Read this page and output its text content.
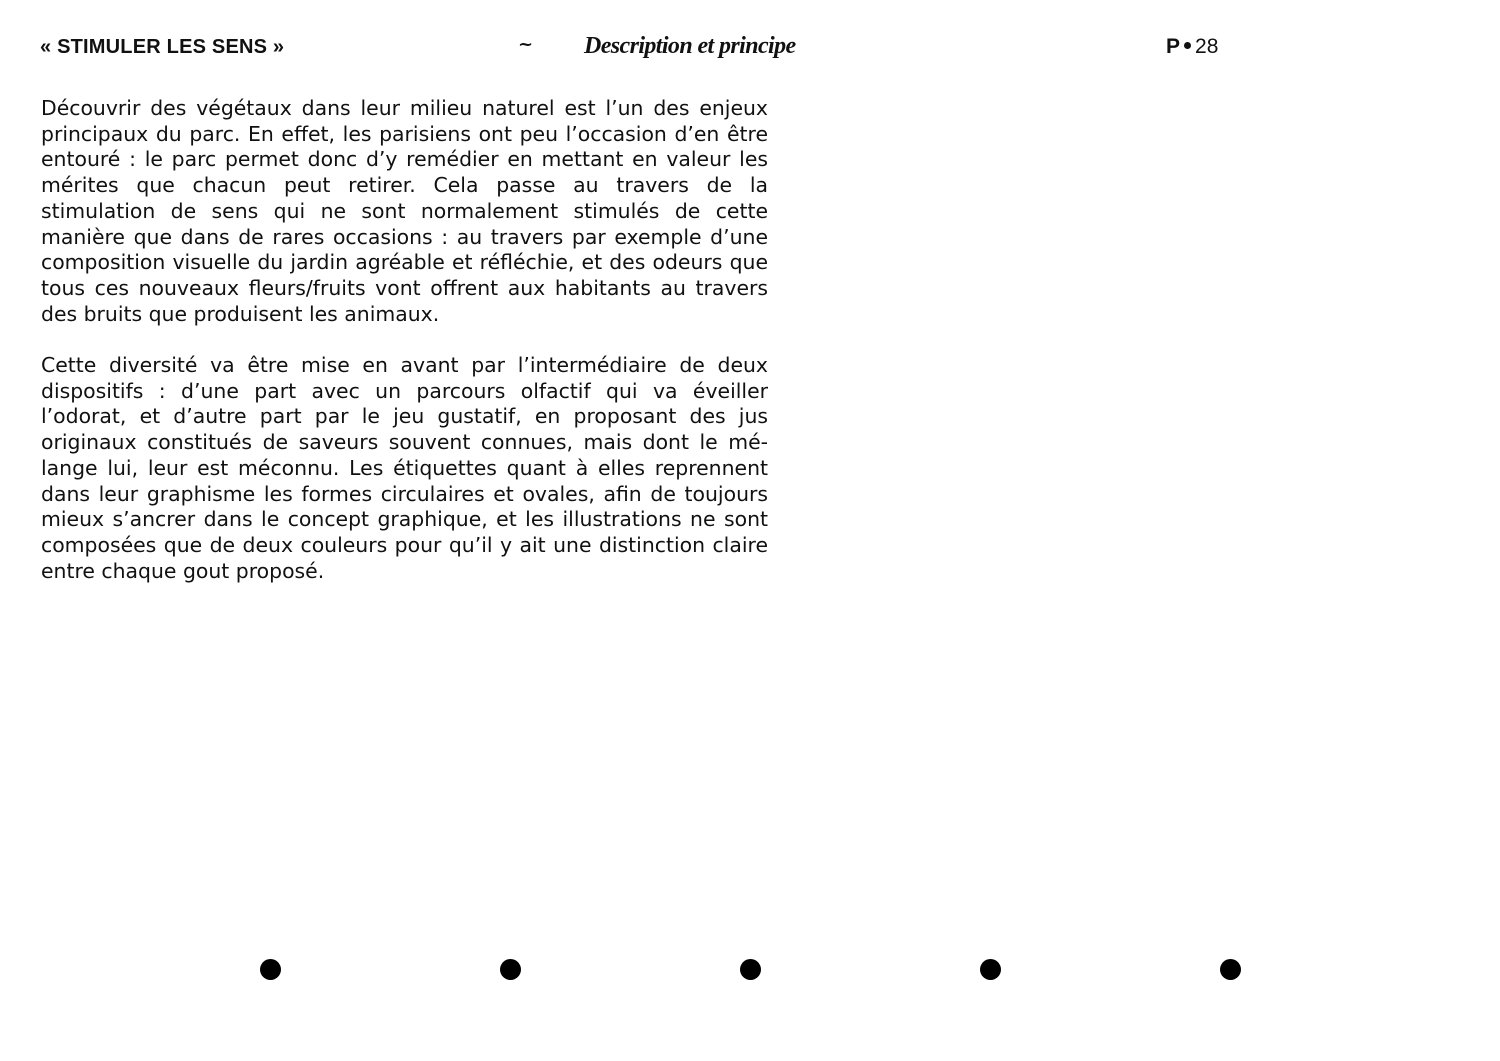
« STIMULER LES SENS »	~ Description et principe	P 28

Découvrir des végétaux dans leur milieu naturel est l’un des enjeux principaux du parc. En effet, les parisiens ont peu l’occasion d’en être entouré : le parc permet donc d’y remédier en mettant en valeur les mérites que chacun peut retirer. Cela passe au travers de la stimulation de sens qui ne sont normalement stimulés de cette manière que dans de rares occasions : au travers par exemple d’une composition visuelle du jardin agréable et réfléchie, et des odeurs que tous ces nouveaux fleurs/fruits vont offrent aux habitants au travers des bruits que produisent les animaux.

Cette diversité va être mise en avant par l’intermédiaire de deux dispositifs : d’une part avec un parcours olfactif qui va éveiller l’odorat, et d’autre part par le jeu gustatif, en proposant des jus originaux constitués de saveurs souvent connues, mais dont le mélange lui, leur est méconnu. Les étiquettes quant à elles reprennent dans leur graphisme les formes circulaires et ovales, afin de toujours mieux s’ancrer dans le concept graphique, et les illustrations ne sont composées que de deux couleurs pour qu’il y ait une distinction claire entre chaque gout proposé.
